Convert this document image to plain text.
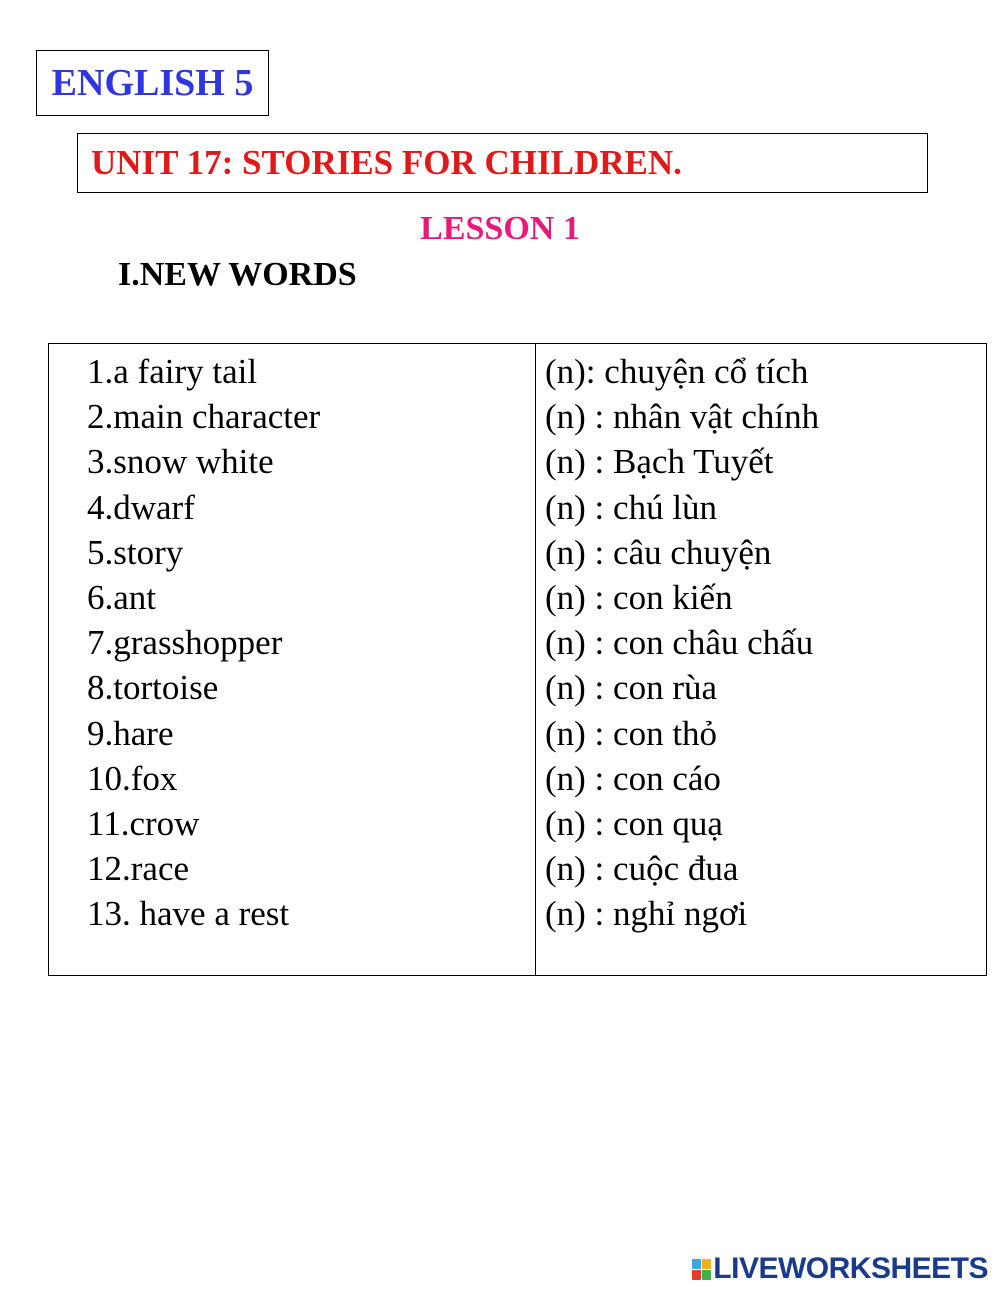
ENGLISH 5
UNIT 17: STORIES FOR CHILDREN.
LESSON 1
I.NEW WORDS
1.a fairy tail
2.main character
3.snow white
4.dwarf
5.story
6.ant
7.grasshopper
8.tortoise
9.hare
10.fox
11.crow
12.race
13. have a rest
(n): chuyện cổ tích
(n) : nhân vật chính
(n) : Bạch Tuyết
(n) : chú lùn
(n) : câu chuyện
(n) : con kiến
(n) : con châu chấu
(n) : con rùa
(n) : con thỏ
(n) : con cáo
(n) : con quạ
(n) : cuộc đua
(n) : nghỉ ngơi
LIVEWORKSHEETS
